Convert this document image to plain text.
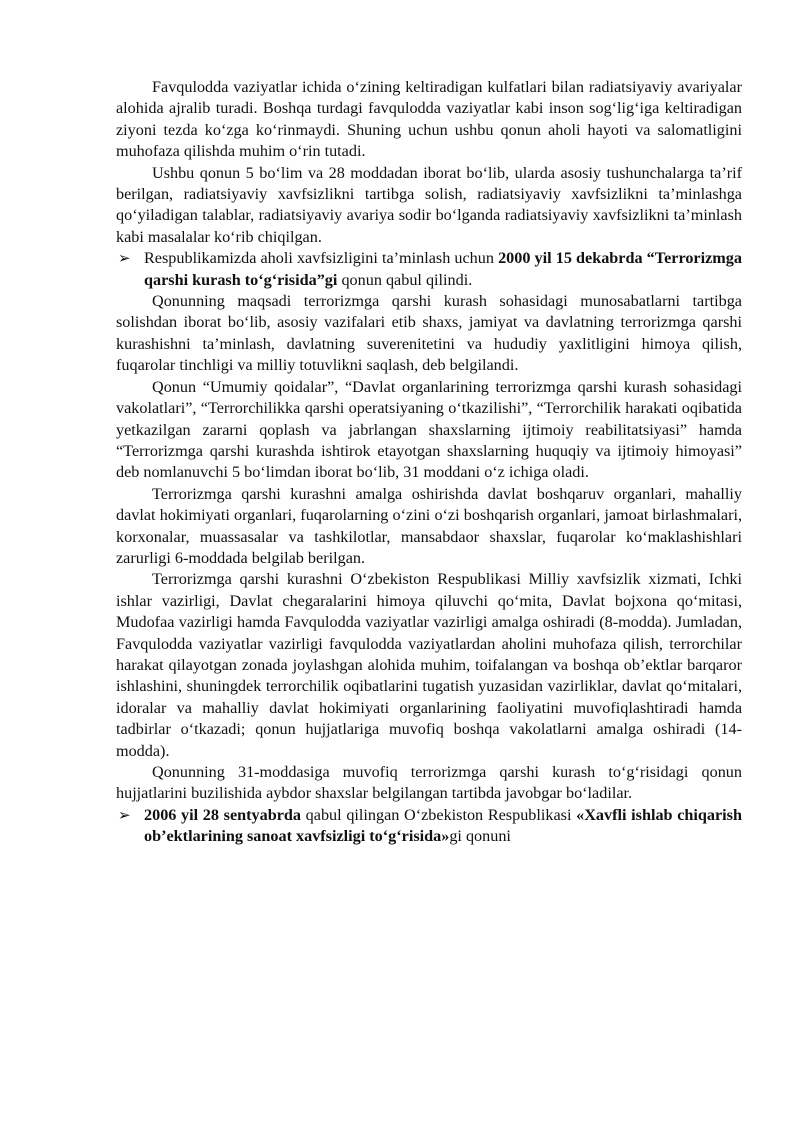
Favqulodda vaziyatlar ichida o‘zining keltiradigan kulfatlari bilan radiatsiyaviy avariyalar alohida ajralib turadi. Boshqa turdagi favqulodda vaziyatlar kabi inson sog‘lig‘iga keltiradigan ziyoni tezda ko‘zga ko‘rinmaydi. Shuning uchun ushbu qonun aholi hayoti va salomatligini muhofaza qilishda muhim o‘rin tutadi.

Ushbu qonun 5 bo‘lim va 28 moddadan iborat bo‘lib, ularda asosiy tushunchalarga ta’rif berilgan, radiatsiyaviy xavfsizlikni tartibga solish, radiatsiyaviy xavfsizlikni ta’minlashga qo‘yiladigan talablar, radiatsiyaviy avariya sodir bo‘lganda radiatsiyaviy xavfsizlikni ta’minlash kabi masalalar ko‘rib chiqilgan.

➢ Respublikamizda aholi xavfsizligini ta’minlash uchun 2000 yil 15 dekabrda “Terrorizmga qarshi kurash to‘g‘risida”gi qonun qabul qilindi.

Qonunning maqsadi terrorizmga qarshi kurash sohasidagi munosabatlarni tartibga solishdan iborat bo‘lib, asosiy vazifalari etib shaxs, jamiyat va davlatning terrorizmga qarshi kurashishni ta’minlash, davlatning suverenitetini va hududiy yaxlitligini himoya qilish, fuqarolar tinchligi va milliy totuvlikni saqlash, deb belgilandi.

Qonun “Umumiy qoidalar”, “Davlat organlarining terrorizmga qarshi kurash sohasidagi vakolatlari”, “Terrorchilikka qarshi operatsiyaning o‘tkazilishi”, “Terrorchilik harakati oqibatida yetkazilgan zararni qoplash va jabrlangan shaxslarning ijtimoiy reabilitatsiyasi” hamda “Terrorizmga qarshi kurashda ishtirok etayotgan shaxslarning huquqiy va ijtimoiy himoyasi” deb nomlanuvchi 5 bo‘limdan iborat bo‘lib, 31 moddani o‘z ichiga oladi.

Terrorizmga qarshi kurashni amalga oshirishda davlat boshqaruv organlari, mahalliy davlat hokimiyati organlari, fuqarolarning o‘zini o‘zi boshqarish organlari, jamoat birlashmalari, korxonalar, muassasalar va tashkilotlar, mansabdaor shaxslar, fuqarolar ko‘maklashishlari zarurligi 6-moddada belgilab berilgan.

Terrorizmga qarshi kurashni O‘zbekiston Respublikasi Milliy xavfsizlik xizmati, Ichki ishlar vazirligi, Davlat chegaralarini himoya qiluvchi qo‘mita, Davlat bojxona qo‘mitasi, Mudofaa vazirligi hamda Favqulodda vaziyatlar vazirligi amalga oshiradi (8-modda). Jumladan, Favqulodda vaziyatlar vazirligi favqulodda vaziyatlardan aholini muhofaza qilish, terrorchilar harakat qilayotgan zonada joylashgan alohida muhim, toifalangan va boshqa ob’ektlar barqaror ishlashini, shuningdek terrorchilik oqibatlarini tugatish yuzasidan vazirliklar, davlat qo‘mitalari, idoralar va mahalliy davlat hokimiyati organlarining faoliyatini muvofiqlashtiradi hamda tadbirlar o‘tkazadi; qonun hujjatlariga muvofiq boshqa vakolatlarni amalga oshiradi (14-modda).

Qonunning 31-moddasiga muvofiq terrorizmga qarshi kurash to‘g‘risidagi qonun hujjatlarini buzilishida aybdor shaxslar belgilangan tartibda javobgar bo‘ladilar.

➢ 2006 yil 28 sentyabrda qabul qilingan O‘zbekiston Respublikasi «Xavfli ishlab chiqarish ob’ektlarining sanoat xavfsizligi to‘g‘risida»gi qonuni
